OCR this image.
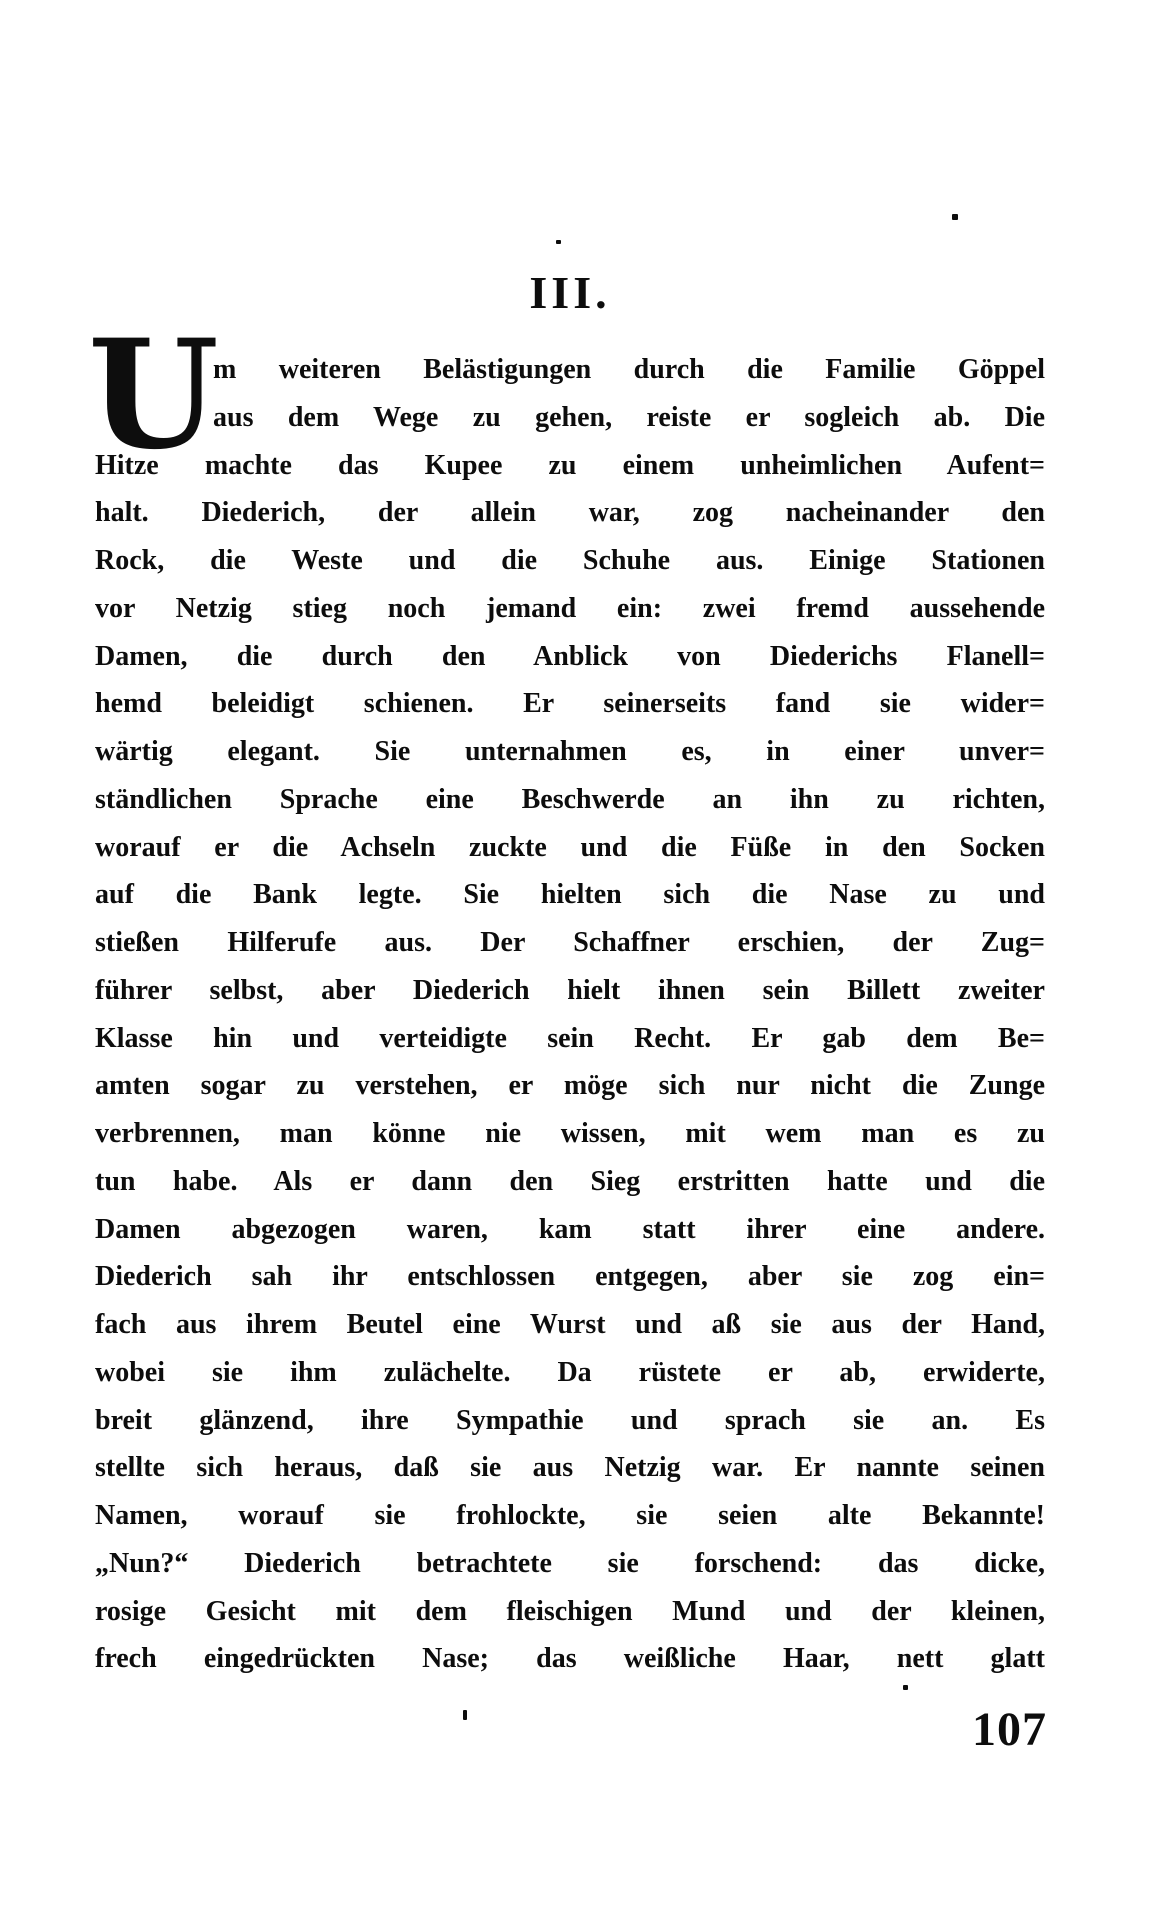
III.
U
m weiteren Belästigungen durch die Familie Göppel
aus dem Wege zu gehen, reiste er sogleich ab. Die
Hitze machte das Kupee zu einem unheimlichen Aufent=
halt. Diederich, der allein war, zog nacheinander den
Rock, die Weste und die Schuhe aus. Einige Stationen
vor Netzig stieg noch jemand ein: zwei fremd aussehende
Damen, die durch den Anblick von Diederichs Flanell=
hemd beleidigt schienen. Er seinerseits fand sie wider=
wärtig elegant. Sie unternahmen es, in einer unver=
ständlichen Sprache eine Beschwerde an ihn zu richten,
worauf er die Achseln zuckte und die Füße in den Socken
auf die Bank legte. Sie hielten sich die Nase zu und
stießen Hilferufe aus. Der Schaffner erschien, der Zug=
führer selbst, aber Diederich hielt ihnen sein Billett zweiter
Klasse hin und verteidigte sein Recht. Er gab dem Be=
amten sogar zu verstehen, er möge sich nur nicht die Zunge
verbrennen, man könne nie wissen, mit wem man es zu
tun habe. Als er dann den Sieg erstritten hatte und die
Damen abgezogen waren, kam statt ihrer eine andere.
Diederich sah ihr entschlossen entgegen, aber sie zog ein=
fach aus ihrem Beutel eine Wurst und aß sie aus der Hand,
wobei sie ihm zulächelte. Da rüstete er ab, erwiderte,
breit glänzend, ihre Sympathie und sprach sie an. Es
stellte sich heraus, daß sie aus Netzig war. Er nannte seinen
Namen, worauf sie frohlockte, sie seien alte Bekannte!
„Nun?“ Diederich betrachtete sie forschend: das dicke,
rosige Gesicht mit dem fleischigen Mund und der kleinen,
frech eingedrückten Nase; das weißliche Haar, nett glatt
107
